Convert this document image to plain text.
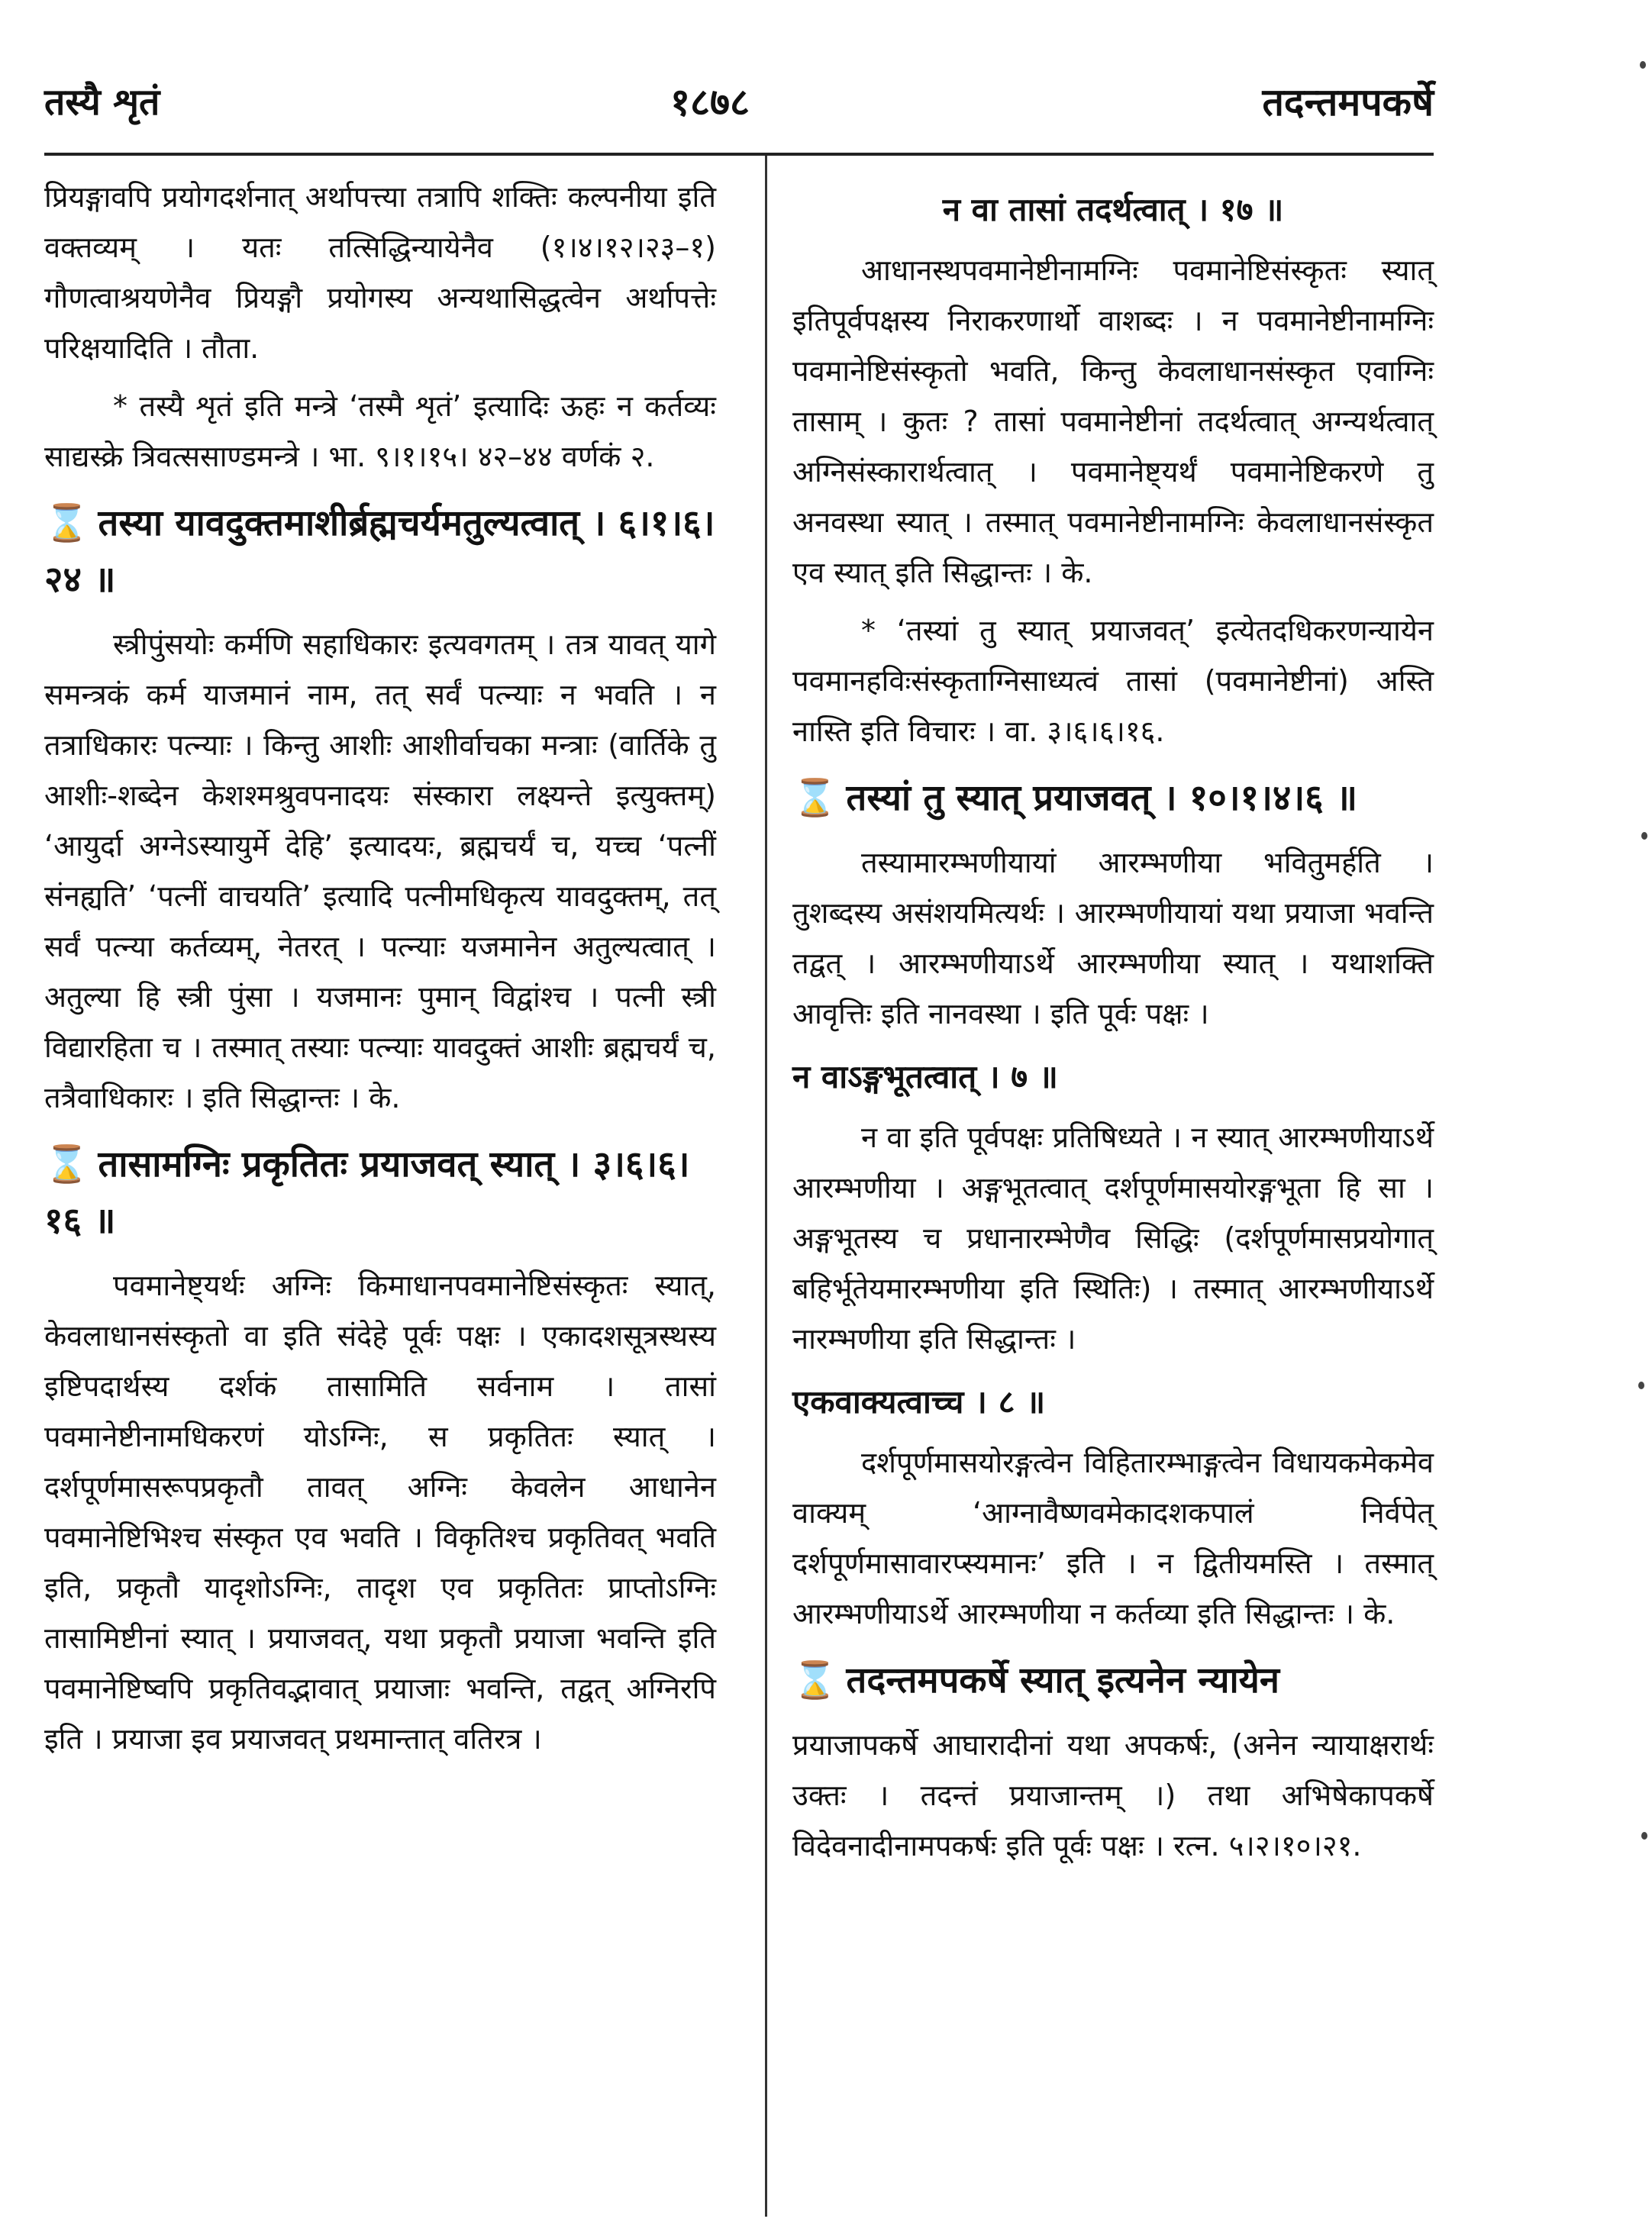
तस्यै शृतं	१८७८	तदन्तमपकर्षे

प्रियङ्गावपि प्रयोगदर्शनात् अर्थापत्त्या तत्रापि शक्तिः कल्पनीया इति वक्तव्यम् । यतः तत्सिद्धिन्यायेनैव (१।४।१२।२३–१) गौणत्वाश्रयणेनैव प्रियङ्गौ प्रयोगस्य अन्यथासिद्धत्वेन अर्थापत्तेः परिक्षयादिति । तौता.

* तस्यै शृतं इति मन्त्रे ‘तस्मै शृतं’ इत्यादिः ऊहः न कर्तव्यः साद्यस्क्रे त्रिवत्ससाण्डमन्त्रे । भा. ९।१।१५। ४२–४४ वर्णकं २.

⌛ तस्या यावदुक्तमाशीर्ब्रह्मचर्यमतुल्यत्वात् । ६।१।६।२४ ॥

स्त्रीपुंसयोः कर्मणि सहाधिकारः इत्यवगतम् । तत्र यावत् यागे समन्त्रकं कर्म याजमानं नाम, तत् सर्वं पत्न्याः न भवति । न तत्राधिकारः पत्न्याः । किन्तु आशीः आशीर्वाचका मन्त्राः (वार्तिके तु आशीः-शब्देन केशश्मश्रुवपनादयः संस्कारा लक्ष्यन्ते इत्युक्तम्) ‘आयुर्दा अग्नेऽस्यायुर्मे देहि’ इत्यादयः, ब्रह्मचर्यं च, यच्च ‘पत्नीं संनह्यति’ ‘पत्नीं वाचयति’ इत्यादि पत्नीमधिकृत्य यावदुक्तम्, तत् सर्वं पत्न्या कर्तव्यम्, नेतरत् । पत्न्याः यजमानेन अतुल्यत्वात् । अतुल्या हि स्त्री पुंसा । यजमानः पुमान् विद्वांश्च । पत्नी स्त्री विद्यारहिता च । तस्मात् तस्याः पत्न्याः यावदुक्तं आशीः ब्रह्मचर्यं च, तत्रैवाधिकारः । इति सिद्धान्तः । के.

⌛ तासामग्निः प्रकृतितः प्रयाजवत् स्यात् । ३।६।६।१६ ॥

पवमानेष्ट्यर्थः अग्निः किमाधानपवमानेष्टिसंस्कृतः स्यात्, केवलाधानसंस्कृतो वा इति संदेहे पूर्वः पक्षः । एकादशसूत्रस्थस्य इष्टिपदार्थस्य दर्शकं तासामिति सर्वनाम । तासां पवमानेष्टीनामधिकरणं योऽग्निः, स प्रकृतितः स्यात् । दर्शपूर्णमासरूपप्रकृतौ तावत् अग्निः केवलेन आधानेन पवमानेष्टिभिश्च संस्कृत एव भवति । विकृतिश्च प्रकृतिवत् भवति इति, प्रकृतौ यादृशोऽग्निः, तादृश एव प्रकृतितः प्राप्तोऽग्निः तासामिष्टीनां स्यात् । प्रयाजवत्, यथा प्रकृतौ प्रयाजा भवन्ति इति पवमानेष्टिष्वपि प्रकृतिवद्भावात् प्रयाजाः भवन्ति, तद्वत् अग्निरपि इति । प्रयाजा इव प्रयाजवत् प्रथमान्तात् वतिरत्र ।

न वा तासां तदर्थत्वात् । १७ ॥

आधानस्थपवमानेष्टीनामग्निः पवमानेष्टिसंस्कृतः स्यात् इतिपूर्वपक्षस्य निराकरणार्थो वाशब्दः । न पवमानेष्टीनामग्निः पवमानेष्टिसंस्कृतो भवति, किन्तु केवलाधानसंस्कृत एवाग्निः तासाम् । कुतः ? तासां पवमानेष्टीनां तदर्थत्वात् अग्न्यर्थत्वात् अग्निसंस्कारार्थत्वात् । पवमानेष्ट्यर्थं पवमानेष्टिकरणे तु अनवस्था स्यात् । तस्मात् पवमानेष्टीनामग्निः केवलाधानसंस्कृत एव स्यात् इति सिद्धान्तः । के.

* ‘तस्यां तु स्यात् प्रयाजवत्’ इत्येतदधिकरणन्यायेन पवमानहविःसंस्कृताग्निसाध्यत्वं तासां (पवमानेष्टीनां) अस्ति नास्ति इति विचारः । वा. ३।६।६।१६.

⌛ तस्यां तु स्यात् प्रयाजवत् । १०।१।४।६ ॥

तस्यामारम्भणीयायां आरम्भणीया भवितुमर्हति । तुशब्दस्य असंशयमित्यर्थः । आरम्भणीयायां यथा प्रयाजा भवन्ति तद्वत् । आरम्भणीयाऽर्थे आरम्भणीया स्यात् । यथाशक्ति आवृत्तिः इति नानवस्था । इति पूर्वः पक्षः ।

न वाऽङ्गभूतत्वात् । ७ ॥

न वा इति पूर्वपक्षः प्रतिषिध्यते । न स्यात् आरम्भणीयाऽर्थे आरम्भणीया । अङ्गभूतत्वात् दर्शपूर्णमासयोरङ्गभूता हि सा । अङ्गभूतस्य च प्रधानारम्भेणैव सिद्धिः (दर्शपूर्णमासप्रयोगात् बहिर्भूतेयमारम्भणीया इति स्थितिः) । तस्मात् आरम्भणीयाऽर्थे नारम्भणीया इति सिद्धान्तः ।

एकवाक्यत्वाच्च । ८ ॥

दर्शपूर्णमासयोरङ्गत्वेन विहितारम्भाङ्गत्वेन विधायकमेकमेव वाक्यम् ‘आग्नावैष्णवमेकादशकपालं निर्वपेत् दर्शपूर्णमासावारप्स्यमानः’ इति । न द्वितीयमस्ति । तस्मात् आरम्भणीयाऽर्थे आरम्भणीया न कर्तव्या इति सिद्धान्तः । के.

⌛ तदन्तमपकर्षे स्यात् इत्यनेन न्यायेन

प्रयाजापकर्षे आघारादीनां यथा अपकर्षः, (अनेन न्यायाक्षरार्थः उक्तः । तदन्तं प्रयाजान्तम् ।) तथा अभिषेकापकर्षे विदेवनादीनामपकर्षः इति पूर्वः पक्षः । रत्न. ५।२।१०।२१.
